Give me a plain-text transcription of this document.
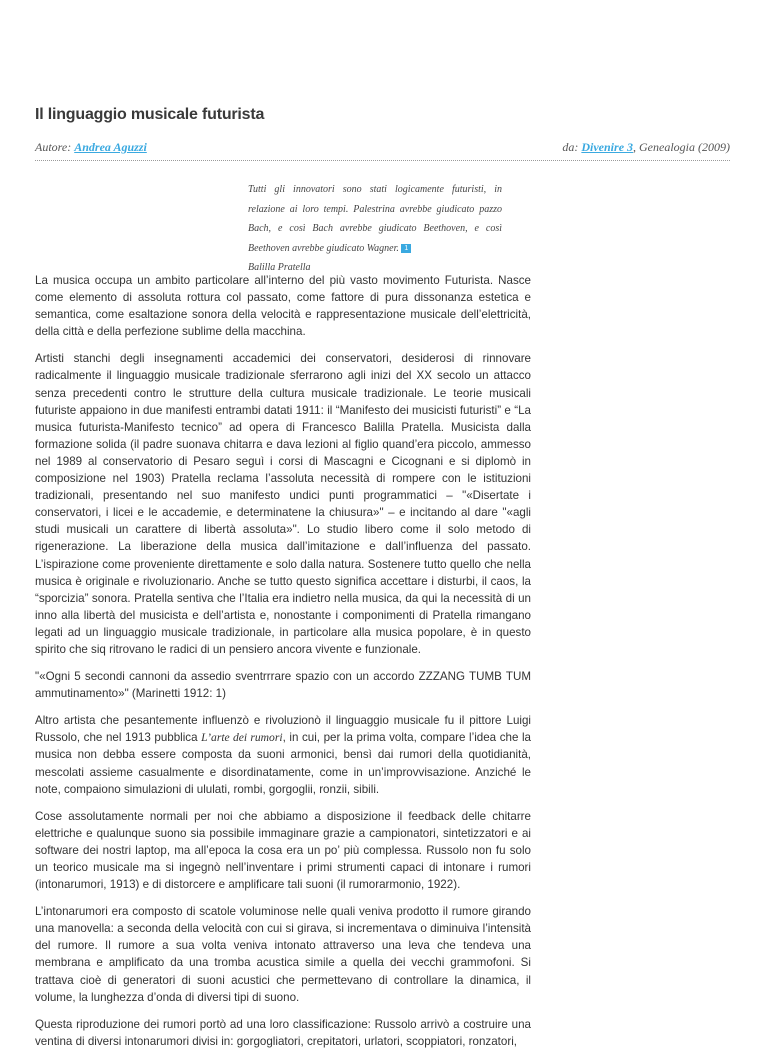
Il linguaggio musicale futurista
Autore: Andrea Aguzzi	da: Divenire 3, Genealogia (2009)
Tutti gli innovatori sono stati logicamente futuristi, in relazione ai loro tempi. Palestrina avrebbe giudicato pazzo Bach, e così Bach avrebbe giudicato Beethoven, e così Beethoven avrebbe giudicato Wagner. 1
Balilla Pratella

La musica occupa un ambito particolare all’interno del più vasto movimento Futurista. Nasce come elemento di assoluta rottura col passato, come fattore di pura dissonanza estetica e semantica, come esaltazione sonora della velocità e rappresentazione musicale dell’elettricità, della città e della perfezione sublime della macchina.

Artisti stanchi degli insegnamenti accademici dei conservatori, desiderosi di rinnovare radicalmente il linguaggio musicale tradizionale sferrarono agli inizi del XX secolo un attacco senza precedenti contro le strutture della cultura musicale tradizionale. Le teorie musicali futuriste appaiono in due manifesti entrambi datati 1911: il “Manifesto dei musicisti futuristi” e “La musica futurista-Manifesto tecnico” ad opera di Francesco Balilla Pratella. Musicista dalla formazione solida (il padre suonava chitarra e dava lezioni al figlio quand’era piccolo, ammesso nel 1989 al conservatorio di Pesaro seguì i corsi di Mascagni e Cicognani e si diplomò in composizione nel 1903) Pratella reclama l’assoluta necessità di rompere con le istituzioni tradizionali, presentando nel suo manifesto undici punti programmatici – "«Disertate i conservatori, i licei e le accademie, e determinatene la chiusura»" – e incitando al dare "«agli studi musicali un carattere di libertà assoluta»". Lo studio libero come il solo metodo di rigenerazione. La liberazione della musica dall’imitazione e dall’influenza del passato. L’ispirazione come proveniente direttamente e solo dalla natura. Sostenere tutto quello che nella musica è originale e rivoluzionario. Anche se tutto questo significa accettare i disturbi, il caos, la “sporcizia” sonora. Pratella sentiva che l’Italia era indietro nella musica, da qui la necessità di un inno alla libertà del musicista e dell’artista e, nonostante i componimenti di Pratella rimangano legati ad un linguaggio musicale tradizionale, in particolare alla musica popolare, è in questo spirito che siq ritrovano le radici di un pensiero ancora vivente e funzionale.

"«Ogni 5 secondi cannoni da assedio sventrrrare spazio con un accordo ZZZANG TUMB TUM ammutinamento»" (Marinetti 1912: 1)

Altro artista che pesantemente influenzò e rivoluzionò il linguaggio musicale fu il pittore Luigi Russolo, che nel 1913 pubblica L’arte dei rumori, in cui, per la prima volta, compare l’idea che la musica non debba essere composta da suoni armonici, bensì dai rumori della quotidianità, mescolati assieme casualmente e disordinatamente, come in un’improvvisazione. Anziché le note, compaiono simulazioni di ululati, rombi, gorgoglii, ronzii, sibili.

Cose assolutamente normali per noi che abbiamo a disposizione il feedback delle chitarre elettriche e qualunque suono sia possibile immaginare grazie a campionatori, sintetizzatori e ai software dei nostri laptop, ma all’epoca la cosa era un po’ più complessa. Russolo non fu solo un teorico musicale ma si ingegnò nell’inventare i primi strumenti capaci di intonare i rumori (intonarumori, 1913) e di distorcere e amplificare tali suoni (il rumorarmonio, 1922).

L’intonarumori era composto di scatole voluminose nelle quali veniva prodotto il rumore girando una manovella: a seconda della velocità con cui si girava, si incrementava o diminuiva l’intensità del rumore. Il rumore a sua volta veniva intonato attraverso una leva che tendeva una membrana e amplificato da una tromba acustica simile a quella dei vecchi grammofoni. Si trattava cioè di generatori di suoni acustici che permettevano di controllare la dinamica, il volume, la lunghezza d’onda di diversi tipi di suono.

Questa riproduzione dei rumori portò ad una loro classificazione: Russolo arrivò a costruire una ventina di diversi intonarumori divisi in: gorgogliatori, crepitatori, urlatori, scoppiatori, ronzatori,
